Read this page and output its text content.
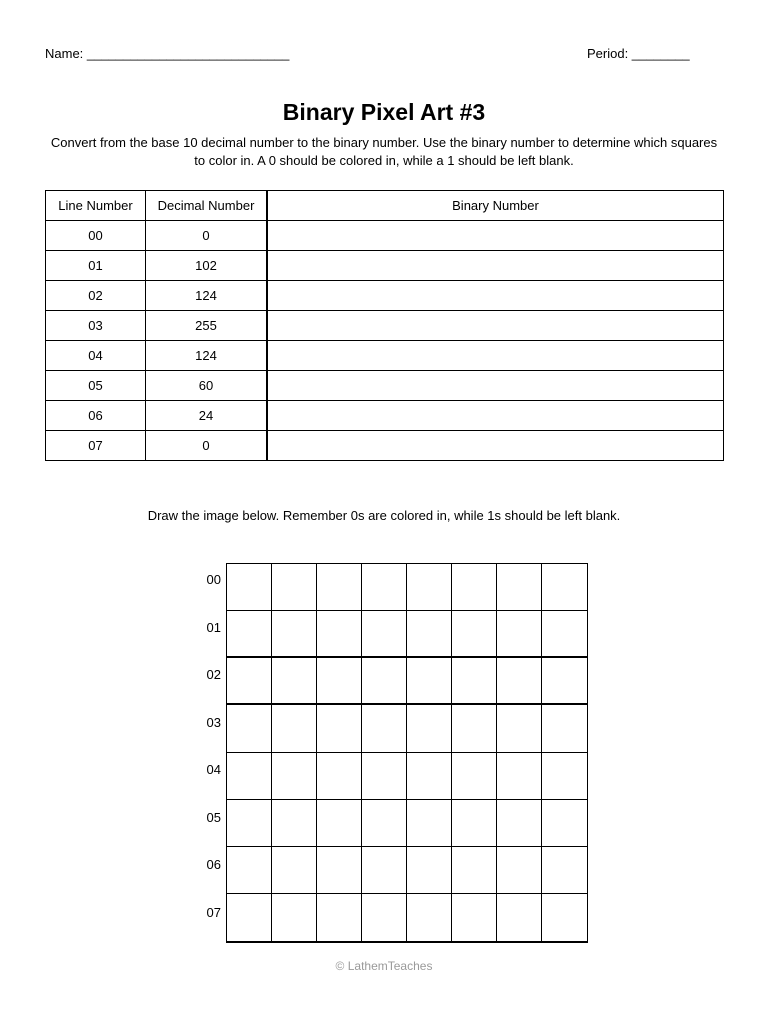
Name: ____________________________	Period: ________
Binary Pixel Art #3
Convert from the base 10 decimal number to the binary number. Use the binary number to determine which squares to color in. A 0 should be colored in, while a 1 should be left blank.
Line Number	Decimal Number	Binary Number
00	0	
01	102	
02	124	
03	255	
04	124	
05	60	
06	24	
07	0	
Draw the image below. Remember 0s are colored in, while 1s should be left blank.
00
01
02
03
04
05
06
07
© LathemTeaches
